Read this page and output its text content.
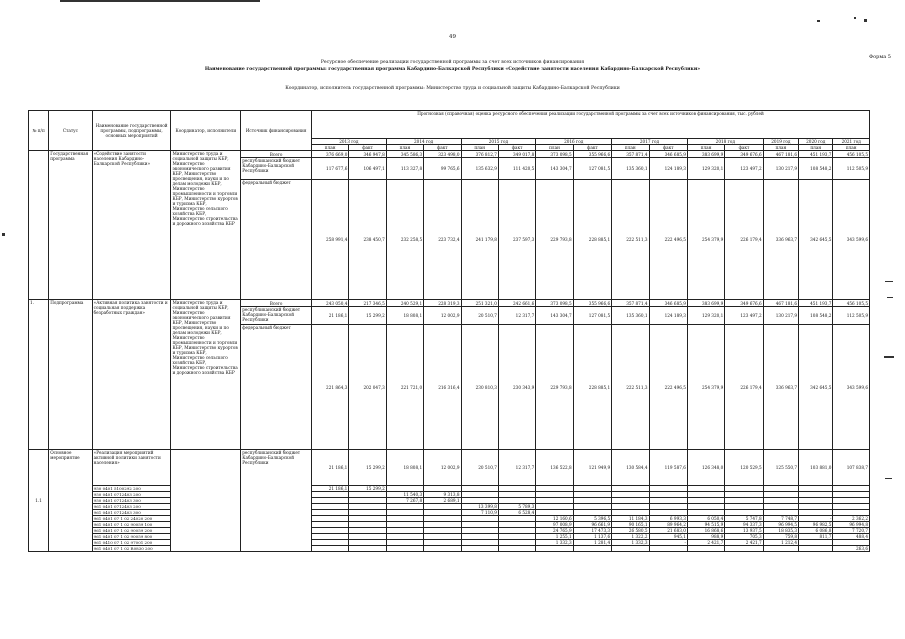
49
Форма 5
Ресурсное обеспечение реализации государственной программы за счет всех источников финансирования
Наименование государственной программы: государственная программа Кабардино-Балкарской Республики «Содействие занятости населения Кабардино-Балкарской Республики»
Координатор, исполнитель государственной программы: Министерство труда и социальной защиты Кабардино-Балкарской Республики
№ п/п	Статус	Наименование государственной программы, подпрограммы, основных мероприятий	Координатор, исполнители	Источник финансирования	Прогнозная (справочная) оценка ресурсного обеспечения реализации государственной программы за счет всех источников финансирования, тыс. рублей														
					2013 год		2014 год		2015 год		2016 год		2017 год		2018 год		2019 год	2020 год	2021 год
					план	факт	план	факт	план	факт	план	факт	план	факт	план	факт	план	план	план
	Государственная программа	«Содействие занятости населения Кабардино-Балкарской Республики»	Министерство труда и социальной защиты КБР, Министерство экономического развития КБР, Министерство просвещения, науки и по делам молодежи КБР, Министерство промышленности и торговли КБР, Министерство курортов и туризма КБР, Министерство сельского хозяйства КБР, Министерство строительства и дорожного хозяйства КБР	Всего	376 669,0	346 947,8	345 586,3	323 498,0	376 812,7	349 017,8	373 098,5	355 966,6	357 871,4	346 685,9	383 699,9	349 676,6	467 181,6	451 193,7	456 105,5
				республиканский бюджет Кабардино-Балкарской Республики	117 677,6	106 497,1	113 327,8	99 765,6	135 632,9	111 420,5	143 304,7	127 081,5	135 360,1	124 189,3	129 320,1	123 497,2	130 217,9	108 548,2	112 505,9
				федеральный бюджет	258 991,4	238 450,7	232 258,5	223 732,4	241 179,8	237 597,3	229 793,8	228 885,1	222 511,3	222 496,5	254 379,9	226 179,4	336 963,7	342 645,5	343 599,6
1.	Подпрограмма	«Активная политика занятости и социальная поддержка безработных граждан»	Министерство труда и социальной защиты КБР, Министерство экономического развития КБР, Министерство просвещения, науки и по делам молодежи КБР, Министерство промышленности и торговли КБР, Министерство курортов и туризма КБР, Министерство сельского хозяйства КБР, Министерство строительства и дорожного хозяйства КБР	Всего	243 050,4	217 346,5	240 529,1	228 319,3	251 321,0	242 661,6	373 098,5	355 966,6	357 871,4	346 685,9	383 699,9	349 676,6	467 181,6	451 193,7	456 105,5
				республиканский бюджет Кабардино-Балкарской Республики	21 186,1	15 299,2	18 808,1	12 002,9	20 510,7	12 317,7	143 304,7	127 081,5	135 360,1	124 189,3	129 320,1	123 497,2	130 217,9	108 548,2	112 505,9
				федеральный бюджет	221 864,3	202 047,3	221 721,0	216 316,4	230 810,3	230 343,9	229 793,8	228 885,1	222 511,3	222 496,5	254 379,9	226 179,4	336 963,7	342 645,5	343 599,6
1.1	Основное мероприятие	«Реализация мероприятий активной политики занятости населения»		республиканский бюджет Кабардино-Балкарской Республики	21 186,1	15 299,2	18 808,1	12 002,9	20 510,7	12 317,7	136 522,8	121 949,9	130 584,4	119 587,6	126 348,0	120 529,5	125 550,7	103 881,0	107 838,7
		950 0401 5100292 200			21 186,1	15 299,2													
		950 0401 0712403 200					11 540,3	9 313,8											
		950 0401 0712403 300					7 267,8	2 689,1											
		961 0401 0712403 200							13 399,8	5 789,3									
		961 0401 0712403 300							7 110,9	6 528,4									
		961 0401 07 1 02 24020 200									12 160,6	5 396,5	11 184,3	6 993,3	6 050,4	5 747,8	7 748,7	-	2 362,2
		961 0401 07 1 02 90059 100									97 008,9	96 661,9	90 165,1	89 964,2	94 515,9	94 337,3	96 994,5	96 982,5	96 994,8
		961 0401 07 1 02 90059 200									24 765,9	17 473,3	26 580,5	21 683,0	16 868,6	13 937,5	18 835,3	6 086,8	7 720,7
		961 0401 07 1 02 90059 800									1 255,1	1 137,6	1 322,2	945,1	988,9	705,3	759,8	811,7	488,4
		961 0410 07 1 02 97001 200									1 332,3	1 281,4	1 332,3	-	2 421,7	2 421,7	1 212,4		
		961 0401 07 1 02 R0830 200																	263,6
